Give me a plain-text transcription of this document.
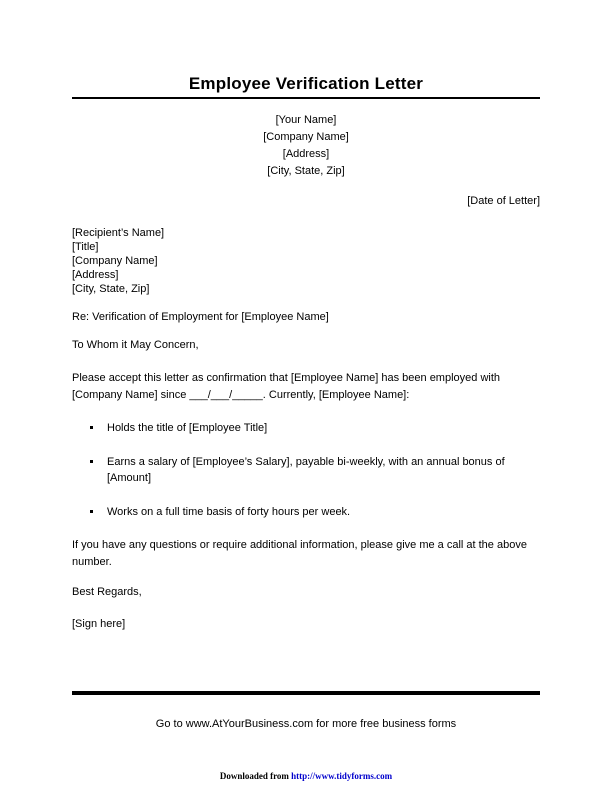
Employee Verification Letter
[Your Name]
[Company Name]
[Address]
[City, State, Zip]
[Date of Letter]
[Recipient’s Name]
[Title]
[Company Name]
[Address]
[City, State, Zip]
Re: Verification of Employment for [Employee Name]
To Whom it May Concern,
Please accept this letter as confirmation that [Employee Name] has been employed with [Company Name] since ___/___/_____. Currently, [Employee Name]:
Holds the title of [Employee Title]
Earns a salary of [Employee’s Salary], payable bi-weekly, with an annual bonus of [Amount]
Works on a full time basis of forty hours per week.
If you have any questions or require additional information, please give me a call at the above number.
Best Regards,
[Sign here]
Go to www.AtYourBusiness.com for more free business forms
Downloaded from http://www.tidyforms.com
